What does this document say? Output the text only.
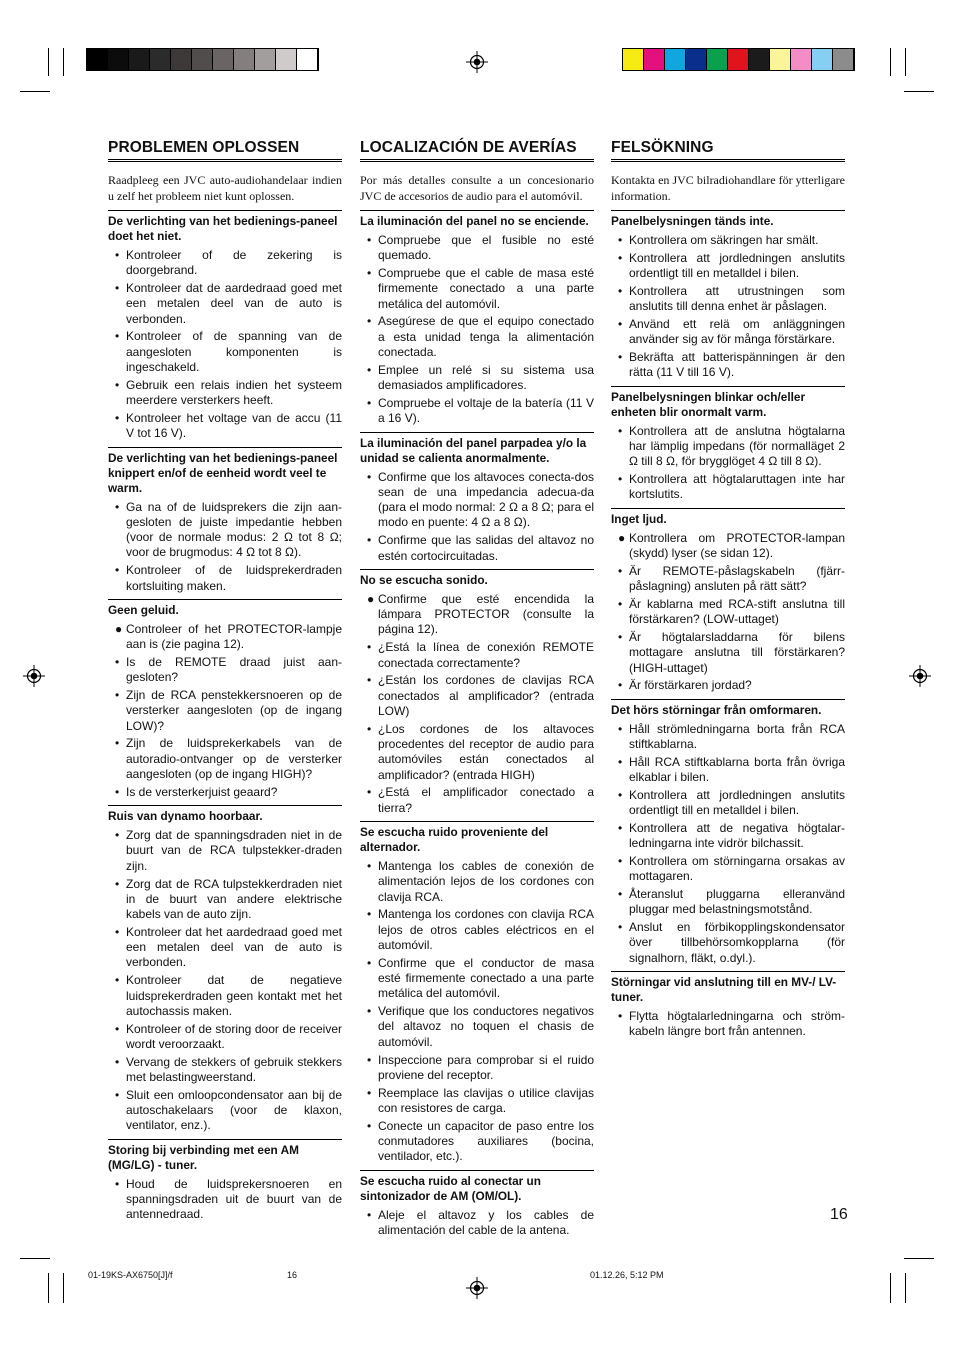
PROBLEMEN OPLOSSEN

Raadpleeg een JVC auto-audiohandelaar indien u zelf het probleem niet kunt oplossen.

De verlichting van het bedienings-paneel doet het niet.
• Kontroleer of de zekering is doorgebrand.
• Kontroleer dat de aardedraad goed met een metalen deel van de auto is verbonden.
• Kontroleer of de spanning van de aangesloten komponenten is ingeschakeld.
• Gebruik een relais indien het systeem meerdere versterkers heeft.
• Kontroleer het voltage van de accu (11 V tot 16 V).
De verlichting van het bedienings-paneel knippert en/of de eenheid wordt veel te warm.
• Ga na of de luidsprekers die zijn aan-gesloten de juiste impedantie hebben (voor de normale modus: 2 Ω tot 8 Ω; voor de brugmodus: 4 Ω tot 8 Ω).
• Kontroleer of de luidsprekerdraden kortsluiting maken.
Geen geluid.
● Controleer of het PROTECTOR-lampje aan is (zie pagina 12).
• Is de REMOTE draad juist aan-gesloten?
• Zijn de RCA penstekkersnoeren op de versterker aangesloten (op de ingang LOW)?
• Zijn de luidsprekerkabels van de autoradio-ontvanger op de versterker aangesloten (op de ingang HIGH)?
• Is de versterkerjuist geaard?
Ruis van dynamo hoorbaar.
• Zorg dat de spanningsdraden niet in de buurt van de RCA tulpstekker-draden zijn.
• Zorg dat de RCA tulpstekkerdraden niet in de buurt van andere elektrische kabels van de auto zijn.
• Kontroleer dat het aardedraad goed met een metalen deel van de auto is verbonden.
• Kontroleer dat de negatieve luidsprekerdraden geen kontakt met het autochassis maken.
• Kontroleer of de storing door de receiver wordt veroorzaakt.
• Vervang de stekkers of gebruik stekkers met belastingweerstand.
• Sluit een omloopcondensator aan bij de autoschakelaars (voor de klaxon, ventilator, enz.).
Storing bij verbinding met een AM (MG/LG) - tuner.
• Houd de luidsprekersnoeren en spanningsdraden uit de buurt van de antennedraad.
LOCALIZACIÓN DE AVERÍAS

Por más detalles consulte a un concesionario JVC de accesorios de audio para el automóvil.

La iluminación del panel no se enciende.
• Compruebe que el fusible no esté quemado.
• Compruebe que el cable de masa esté firmemente conectado a una parte metálica del automóvil.
• Asegúrese de que el equipo conectado a esta unidad tenga la alimentación conectada.
• Emplee un relé si su sistema usa demasiados amplificadores.
• Compruebe el voltaje de la batería (11 V a 16 V).
La iluminación del panel parpadea y/o la unidad se calienta anormalmente.
• Confirme que los altavoces conecta-dos sean de una impedancia adecua-da (para el modo normal: 2 Ω a 8 Ω; para el modo en puente: 4 Ω a 8 Ω).
• Confirme que las salidas del altavoz no estén cortocircuitadas.
No se escucha sonido.
● Confirme que esté encendida la lámpara PROTECTOR (consulte la página 12).
• ¿Está la línea de conexión REMOTE conectada correctamente?
• ¿Están los cordones de clavijas RCA conectados al amplificador? (entrada LOW)
• ¿Los cordones de los altavoces procedentes del receptor de audio para automóviles están conectados al amplificador? (entrada HIGH)
• ¿Está el amplificador conectado a tierra?
Se escucha ruido proveniente del alternador.
• Mantenga los cables de conexión de alimentación lejos de los cordones con clavija RCA.
• Mantenga los cordones con clavija RCA lejos de otros cables eléctricos en el automóvil.
• Confirme que el conductor de masa esté firmemente conectado a una parte metálica del automóvil.
• Verifique que los conductores negativos del altavoz no toquen el chasis de automóvil.
• Inspeccione para comprobar si el ruido proviene del receptor.
• Reemplace las clavijas o utilice clavijas con resistores de carga.
• Conecte un capacitor de paso entre los conmutadores auxiliares (bocina, ventilador, etc.).
Se escucha ruido al conectar un sintonizador de AM (OM/OL).
• Aleje el altavoz y los cables de alimentación del cable de la antena.
FELSÖKNING

Kontakta en JVC bilradiohandlare för ytterligare information.

Panelbelysningen tänds inte.
• Kontrollera om säkringen har smält.
• Kontrollera att jordledningen anslutits ordentligt till en metalldel i bilen.
• Kontrollera att utrustningen som anslutits till denna enhet är påslagen.
• Använd ett relä om anläggningen använder sig av för många förstärkare.
• Bekräfta att batterispänningen är den rätta (11 V till 16 V).
Panelbelysningen blinkar och/eller enheten blir onormalt varm.
• Kontrollera att de anslutna högtalarna har lämplig impedans (för normalläget 2 Ω till 8 Ω, för brygglöget 4 Ω till 8 Ω).
• Kontrollera att högtalaruttagen inte har kortslutits.
Inget ljud.
● Kontrollera om PROTECTOR-lampan (skydd) lyser (se sidan 12).
• Är REMOTE-påslagskabeln (fjärr-påslagning) ansluten på rätt sätt?
• Är kablarna med RCA-stift anslutna till förstärkaren? (LOW-uttaget)
• Är högtalarsladdarna för bilens mottagare anslutna till förstärkaren? (HIGH-uttaget)
• Är förstärkaren jordad?
Det hörs störningar från omformaren.
• Håll strömledningarna borta från RCA stiftkablarna.
• Håll RCA stiftkablarna borta från övriga elkablar i bilen.
• Kontrollera att jordledningen anslutits ordentligt till en metalldel i bilen.
• Kontrollera att de negativa högtalar-ledningarna inte vidrör bilchassit.
• Kontrollera om störningarna orsakas av mottagaren.
• Återanslut pluggarna elleranvänd pluggar med belastningsmotstånd.
• Anslut en förbikopplingskondensator över tillbehörsomkopplarna (för signalhorn, fläkt, o.dyl.).
Störningar vid anslutning till en MV-/ LV- tuner.
• Flytta högtalarledningarna och ström-kabeln längre bort från antennen.
16
01-19KS-AX6750[J]/f	16	01.12.26, 5:12 PM
